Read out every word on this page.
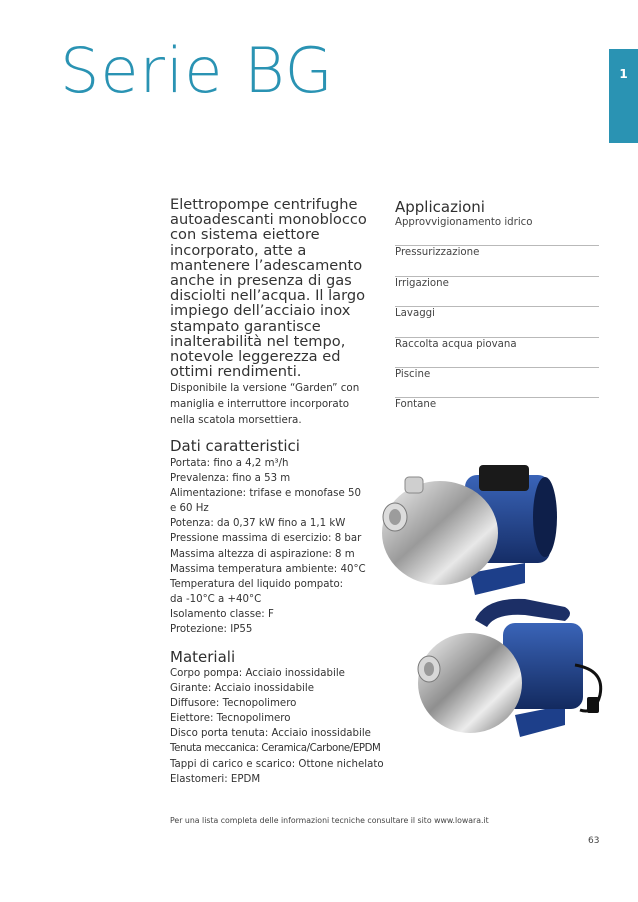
Serie BG	1
Elettropompe centrifughe autoadescanti monoblocco con sistema eiettore incorporato, atte a mantenere l’adescamento anche in presenza di gas disciolti nell’acqua. Il largo impiego dell’acciaio inox stampato garantisce inalterabilità nel tempo, notevole leggerezza ed ottimi rendimenti.
Disponibile la versione “Garden” con maniglia e interruttore incorporato nella scatola morsettiera.
Dati caratteristici
Portata: fino a 4,2 m³/h
Prevalenza: fino a 53 m
Alimentazione: trifase e monofase 50 e 60 Hz
Potenza: da 0,37 kW fino a 1,1 kW
Pressione massima di esercizio: 8 bar
Massima altezza di aspirazione: 8 m
Massima temperatura ambiente: 40°C
Temperatura del liquido pompato:
da -10°C a +40°C
Isolamento classe: F
Protezione: IP55
Materiali
Corpo pompa: Acciaio inossidabile
Girante: Acciaio inossidabile
Diffusore: Tecnopolimero
Eiettore: Tecnopolimero
Disco porta tenuta: Acciaio inossidabile
Tenuta meccanica: Ceramica/Carbone/EPDM
Tappi di carico e scarico: Ottone nichelato
Elastomeri: EPDM
Applicazioni
Approvvigionamento idrico
Pressurizzazione
Irrigazione
Lavaggi
Raccolta acqua piovana
Piscine
Fontane
Per una lista completa delle informazioni tecniche consultare il sito www.lowara.it
63
